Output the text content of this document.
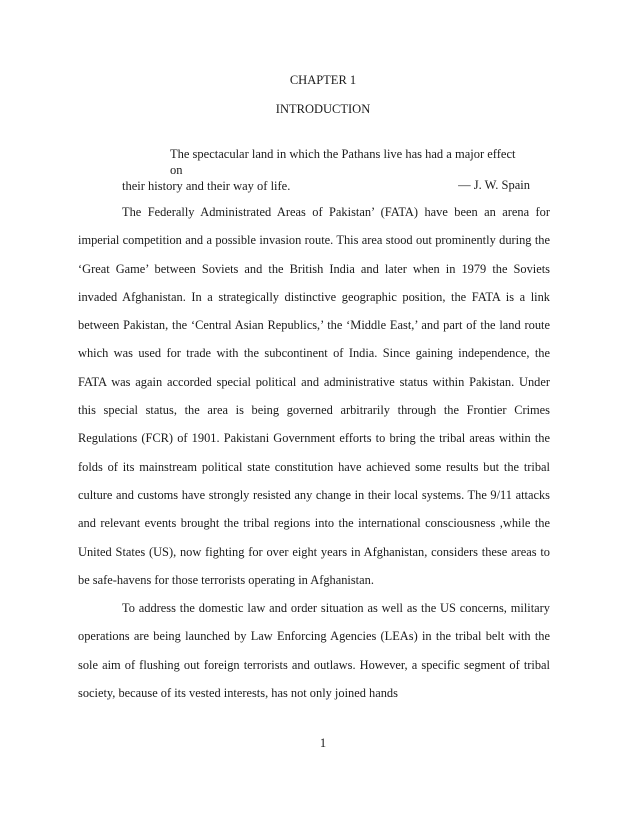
CHAPTER 1
INTRODUCTION
The spectacular land in which the Pathans live has had a major effect on
their history and their way of life.	— J. W. Spain

The Federally Administrated Areas of Pakistan’ (FATA) have been an arena for imperial competition and a possible invasion route. This area stood out prominently during the ‘Great Game’ between Soviets and the British India and later when in 1979 the Soviets invaded Afghanistan. In a strategically distinctive geographic position, the FATA is a link between Pakistan, the ‘Central Asian Republics,’ the ‘Middle East,’ and part of the land route which was used for trade with the subcontinent of India. Since gaining independence, the FATA was again accorded special political and administrative status within Pakistan. Under this special status, the area is being governed arbitrarily through the Frontier Crimes Regulations (FCR) of 1901. Pakistani Government efforts to bring the tribal areas within the folds of its mainstream political state constitution have achieved some results but the tribal culture and customs have strongly resisted any change in their local systems. The 9/11 attacks and relevant events brought the tribal regions into the international consciousness ,while the United States (US), now fighting for over eight years in Afghanistan, considers these areas to be safe-havens for those terrorists operating in Afghanistan.

To address the domestic law and order situation as well as the US concerns, military operations are being launched by Law Enforcing Agencies (LEAs) in the tribal belt with the sole aim of flushing out foreign terrorists and outlaws. However, a specific segment of tribal society, because of its vested interests, has not only joined hands

1
